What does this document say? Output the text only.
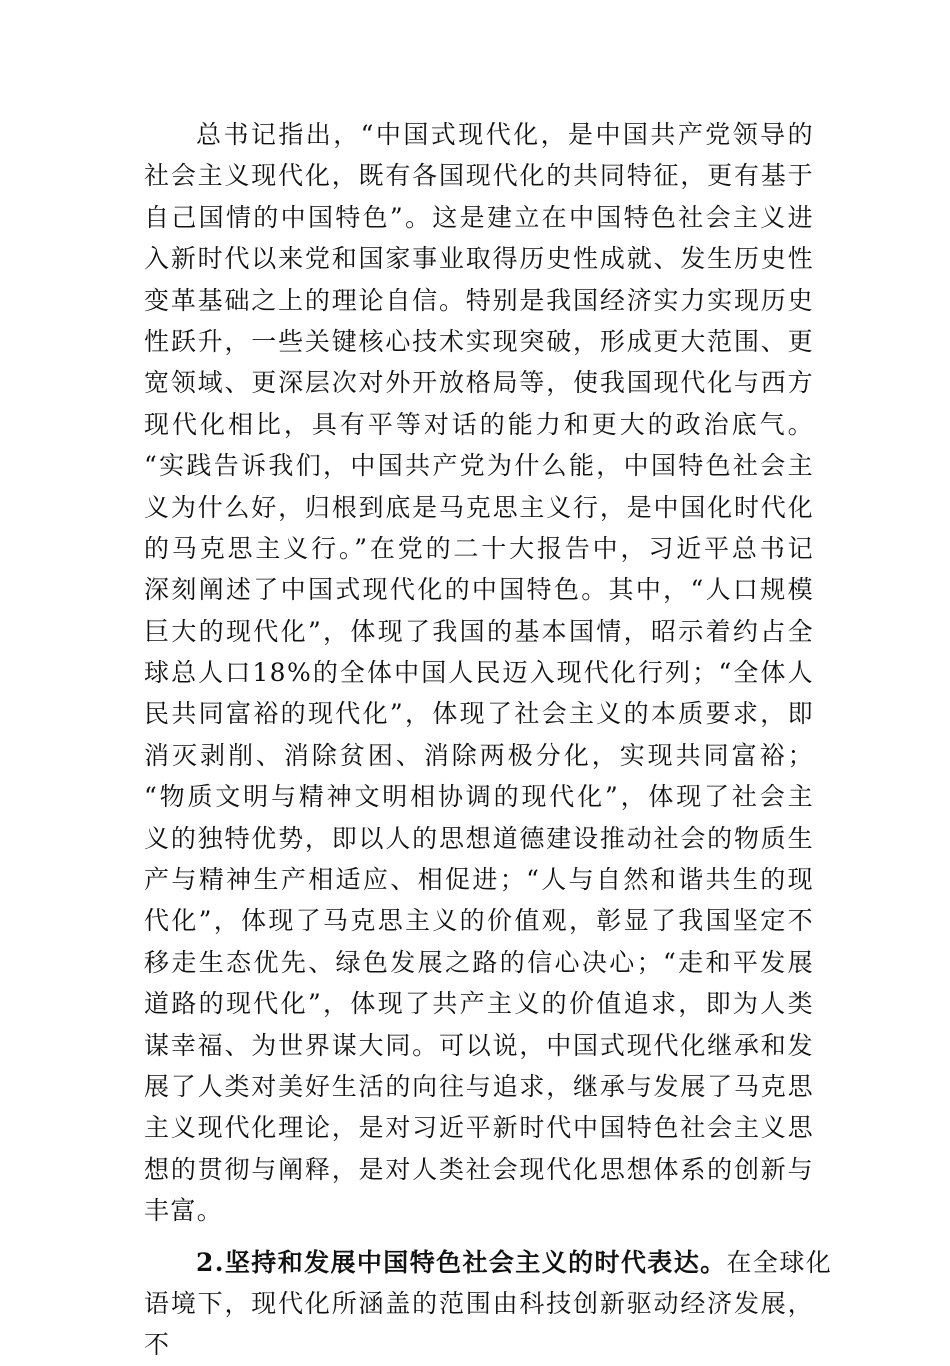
总书记指出，“中国式现代化，是中国共产党领导的
社会主义现代化，既有各国现代化的共同特征，更有基于
自己国情的中国特色”。这是建立在中国特色社会主义进
入新时代以来党和国家事业取得历史性成就、发生历史性
变革基础之上的理论自信。特别是我国经济实力实现历史
性跃升，一些关键核心技术实现突破，形成更大范围、更
宽领域、更深层次对外开放格局等，使我国现代化与西方
现代化相比，具有平等对话的能力和更大的政治底气。
“实践告诉我们，中国共产党为什么能，中国特色社会主
义为什么好，归根到底是马克思主义行，是中国化时代化
的马克思主义行。”在党的二十大报告中，习近平总书记
深刻阐述了中国式现代化的中国特色。其中，“人口规模
巨大的现代化”，体现了我国的基本国情，昭示着约占全
球总人口18%的全体中国人民迈入现代化行列；“全体人
民共同富裕的现代化”，体现了社会主义的本质要求，即
消灭剥削、消除贫困、消除两极分化，实现共同富裕；
“物质文明与精神文明相协调的现代化”，体现了社会主
义的独特优势，即以人的思想道德建设推动社会的物质生
产与精神生产相适应、相促进；“人与自然和谐共生的现
代化”，体现了马克思主义的价值观，彰显了我国坚定不
移走生态优先、绿色发展之路的信心决心；“走和平发展
道路的现代化”，体现了共产主义的价值追求，即为人类
谋幸福、为世界谋大同。可以说，中国式现代化继承和发
展了人类对美好生活的向往与追求，继承与发展了马克思
主义现代化理论，是对习近平新时代中国特色社会主义思
想的贯彻与阐释，是对人类社会现代化思想体系的创新与
丰富。
2.坚持和发展中国特色社会主义的时代表达。在全球化
语境下，现代化所涵盖的范围由科技创新驱动经济发展，
不
